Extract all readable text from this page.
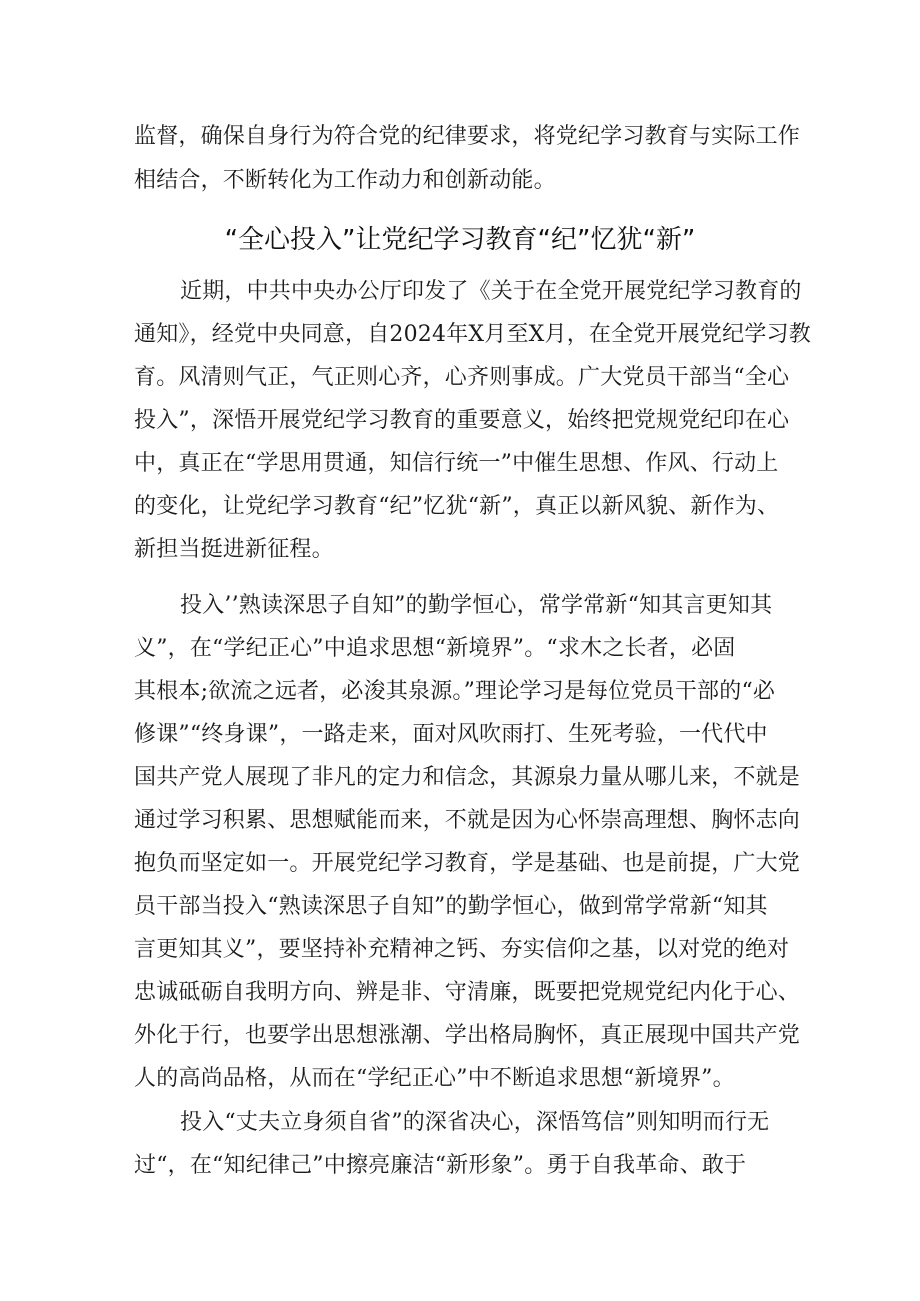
监督，确保自身行为符合党的纪律要求，将党纪学习教育与实际工作
相结合，不断转化为工作动力和创新动能。
“全心投入”让党纪学习教育“纪”忆犹“新”
近期，中共中央办公厅印发了《关于在全党开展党纪学习教育的
通知》，经党中央同意，自2024年X月至X月，在全党开展党纪学习教
育。风清则气正，气正则心齐，心齐则事成。广大党员干部当“全心
投入”，深悟开展党纪学习教育的重要意义，始终把党规党纪印在心
中，真正在“学思用贯通，知信行统一”中催生思想、作风、行动上
的变化，让党纪学习教育“纪”忆犹“新”，真正以新风貌、新作为、
新担当挺进新征程。
投入’’熟读深思子自知”的勤学恒心，常学常新“知其言更知其
义”，在“学纪正心”中追求思想“新境界”。“求木之长者，必固
其根本;欲流之远者，必浚其泉源。”理论学习是每位党员干部的“必
修课”“终身课”，一路走来，面对风吹雨打、生死考验，一代代中
国共产党人展现了非凡的定力和信念，其源泉力量从哪儿来，不就是
通过学习积累、思想赋能而来，不就是因为心怀崇高理想、胸怀志向
抱负而坚定如一。开展党纪学习教育，学是基础、也是前提，广大党
员干部当投入“熟读深思子自知”的勤学恒心，做到常学常新“知其
言更知其义”，要坚持补充精神之钙、夯实信仰之基，以对党的绝对
忠诚砥砺自我明方向、辨是非、守清廉，既要把党规党纪内化于心、
外化于行，也要学出思想涨潮、学出格局胸怀，真正展现中国共产党
人的高尚品格，从而在“学纪正心”中不断追求思想“新境界”。
投入“丈夫立身须自省”的深省决心，深悟笃信”则知明而行无
过“，在“知纪律己”中擦亮廉洁“新形象”。勇于自我革命、敢于
